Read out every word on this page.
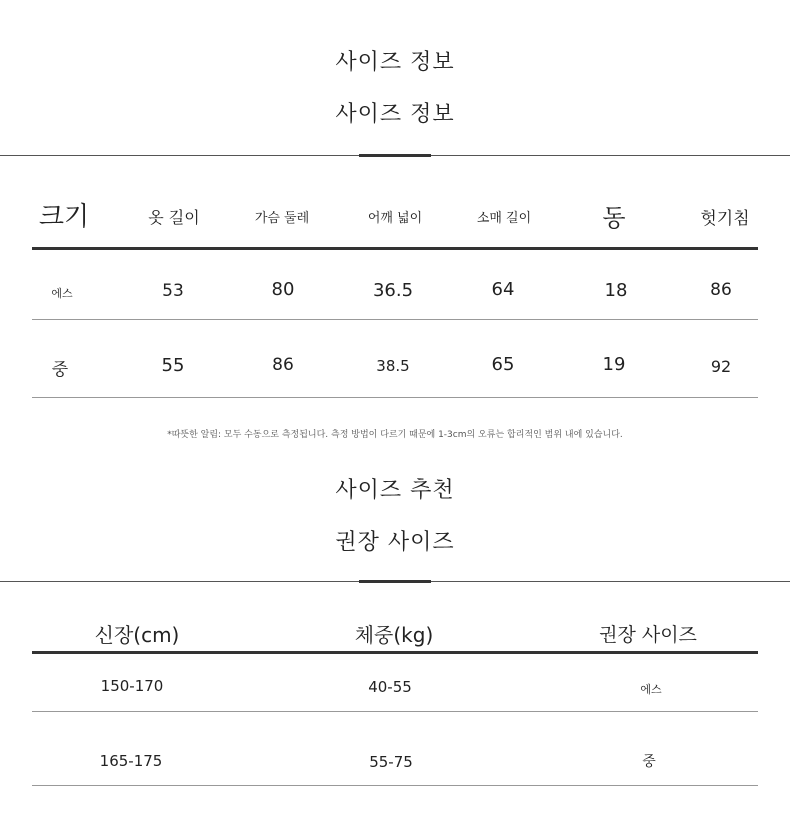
사이즈 정보
사이즈 정보
크기	옷 길이	가슴 둘레	어깨 넓이	소매 길이	동	헛기침
에스	53	80	36.5	64	18	86
중	55	86	38.5	65	19	92
*따뜻한 알림: 모두 수동으로 측정됩니다. 측정 방법이 다르기 때문에 1-3cm의 오류는 합리적인 범위 내에 있습니다.
사이즈 추천
권장 사이즈
신장(cm)	체중(kg)	권장 사이즈
150-170	40-55	에스
165-175	55-75	중
